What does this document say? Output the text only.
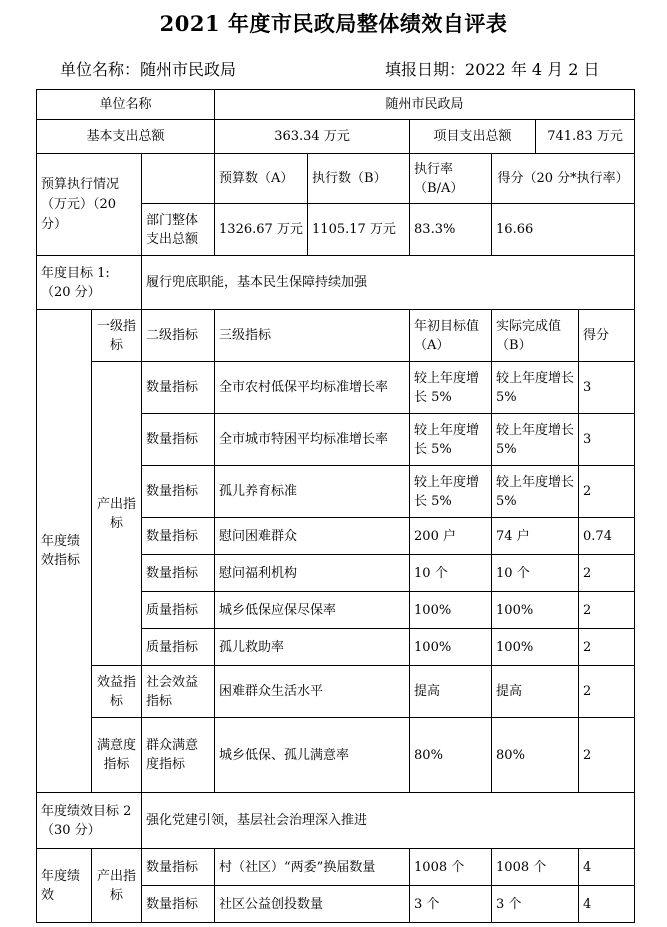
2021 年度市民政局整体绩效自评表
单位名称：随州市民政局	填报日期：2022 年 4 月 2 日
单位名称			随州市民政局					
基本支出总额			363.34 万元		项目支出总额		741.83 万元	
预算执行情况（万元）（20 分）			预算数（A）	执行数（B）	执行率（B/A）	得分（20 分*执行率）		
		部门整体支出总额	1326.67 万元	1105.17 万元	83.3%	16.66		
年度目标 1:（20 分）		履行兜底职能，基本民生保障持续加强						
年度绩效指标	一级指标	二级指标	三级指标		年初目标值（A）	实际完成值（B）		得分
	产出指标	数量指标	全市农村低保平均标准增长率		较上年度增长 5%	较上年度增长 5%		3
		数量指标	全市城市特困平均标准增长率		较上年度增长 5%	较上年度增长 5%		3
		数量指标	孤儿养育标准		较上年度增长 5%	较上年度增长 5%		2
		数量指标	慰问困难群众		200 户	74 户		0.74
		数量指标	慰问福利机构		10 个	10 个		2
		质量指标	城乡低保应保尽保率		100%	100%		2
		质量指标	孤儿救助率		100%	100%		2
	效益指标	社会效益指标	困难群众生活水平		提高	提高		2
	满意度指标	群众满意度指标	城乡低保、孤儿满意率		80%	80%		2
年度绩效目标 2（30 分）		强化党建引领，基层社会治理深入推进						
年度绩效	产出指标	数量指标	村（社区）“两委”换届数量		1008 个	1008 个		4
		数量指标	社区公益创投数量		3 个	3 个		4
